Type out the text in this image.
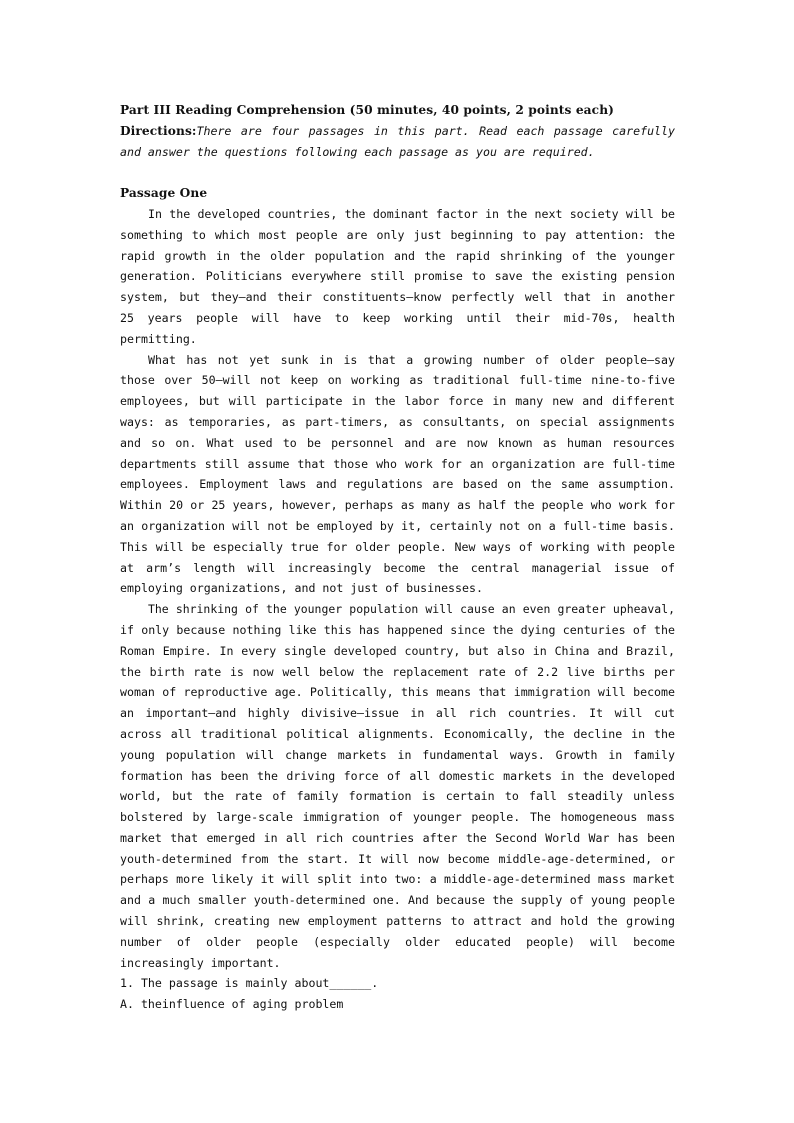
Part III Reading Comprehension (50 minutes, 40 points, 2 points each)
Directions:There are four passages in this part. Read each passage carefully
and answer the questions following each passage as you are required.
Passage One
In the developed countries, the dominant factor in the next society will be
something to which most people are only just beginning to pay attention: the
rapid growth in the older population and the rapid shrinking of the younger
generation. Politicians everywhere still promise to save the existing pension
system, but they—and their constituents—know perfectly well that in another
25 years people will have to keep working until their mid-70s, health
permitting.
What has not yet sunk in is that a growing number of older people—say
those over 50—will not keep on working as traditional full-time nine-to-five
employees, but will participate in the labor force in many new and different
ways: as temporaries, as part-timers, as consultants, on special assignments
and so on. What used to be personnel and are now known as human resources
departments still assume that those who work for an organization are full-time
employees. Employment laws and regulations are based on the same assumption.
Within 20 or 25 years, however, perhaps as many as half the people who work for
an organization will not be employed by it, certainly not on a full-time basis.
This will be especially true for older people. New ways of working with people
at arm’s length will increasingly become the central managerial issue of
employing organizations, and not just of businesses.
The shrinking of the younger population will cause an even greater upheaval,
if only because nothing like this has happened since the dying centuries of the
Roman Empire. In every single developed country, but also in China and Brazil,
the birth rate is now well below the replacement rate of 2.2 live births per
woman of reproductive age. Politically, this means that immigration will become
an important—and highly divisive—issue in all rich countries. It will cut
across all traditional political alignments. Economically, the decline in the
young population will change markets in fundamental ways. Growth in family
formation has been the driving force of all domestic markets in the developed
world, but the rate of family formation is certain to fall steadily unless
bolstered by large-scale immigration of younger people. The homogeneous mass
market that emerged in all rich countries after the Second World War has been
youth-determined from the start. It will now become middle-age-determined, or
perhaps more likely it will split into two: a middle-age-determined mass market
and a much smaller youth-determined one. And because the supply of young people
will shrink, creating new employment patterns to attract and hold the growing
number of older people (especially older educated people) will become
increasingly important.
1. The passage is mainly about______.
A. theinfluence of aging problem
